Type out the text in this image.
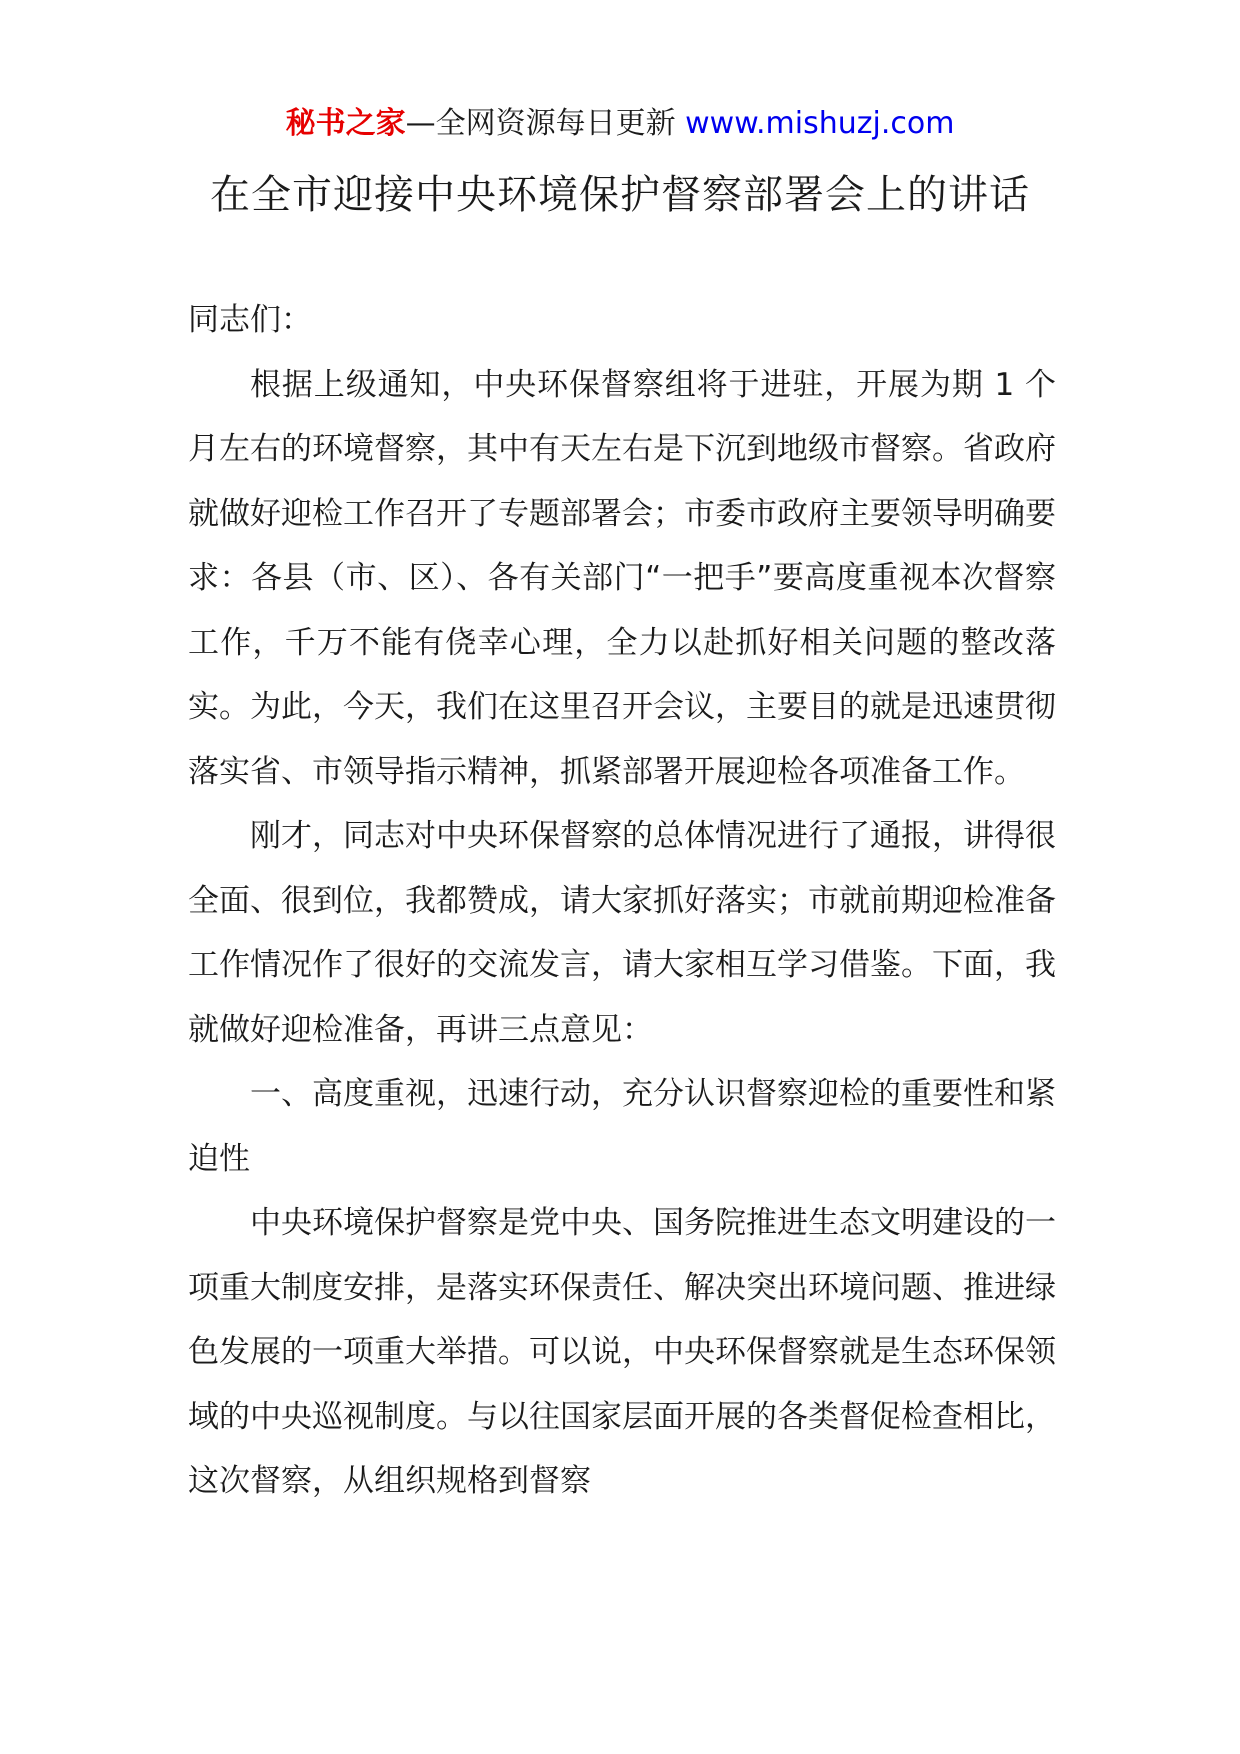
秘书之家—全网资源每日更新 www.mishuzj.com
在全市迎接中央环境保护督察部署会上的讲话

同志们：

根据上级通知，中央环保督察组将于进驻，开展为期 1 个月左右的环境督察，其中有天左右是下沉到地级市督察。省政府就做好迎检工作召开了专题部署会；市委市政府主要领导明确要求：各县（市、区）、各有关部门“一把手”要高度重视本次督察工作，千万不能有侥幸心理，全力以赴抓好相关问题的整改落实。为此，今天，我们在这里召开会议，主要目的就是迅速贯彻落实省、市领导指示精神，抓紧部署开展迎检各项准备工作。

刚才，同志对中央环保督察的总体情况进行了通报，讲得很全面、很到位，我都赞成，请大家抓好落实；市就前期迎检准备工作情况作了很好的交流发言，请大家相互学习借鉴。下面，我就做好迎检准备，再讲三点意见：

一、高度重视，迅速行动，充分认识督察迎检的重要性和紧迫性

中央环境保护督察是党中央、国务院推进生态文明建设的一项重大制度安排，是落实环保责任、解决突出环境问题、推进绿色发展的一项重大举措。可以说，中央环保督察就是生态环保领域的中央巡视制度。与以往国家层面开展的各类督促检查相比，这次督察，从组织规格到督察
